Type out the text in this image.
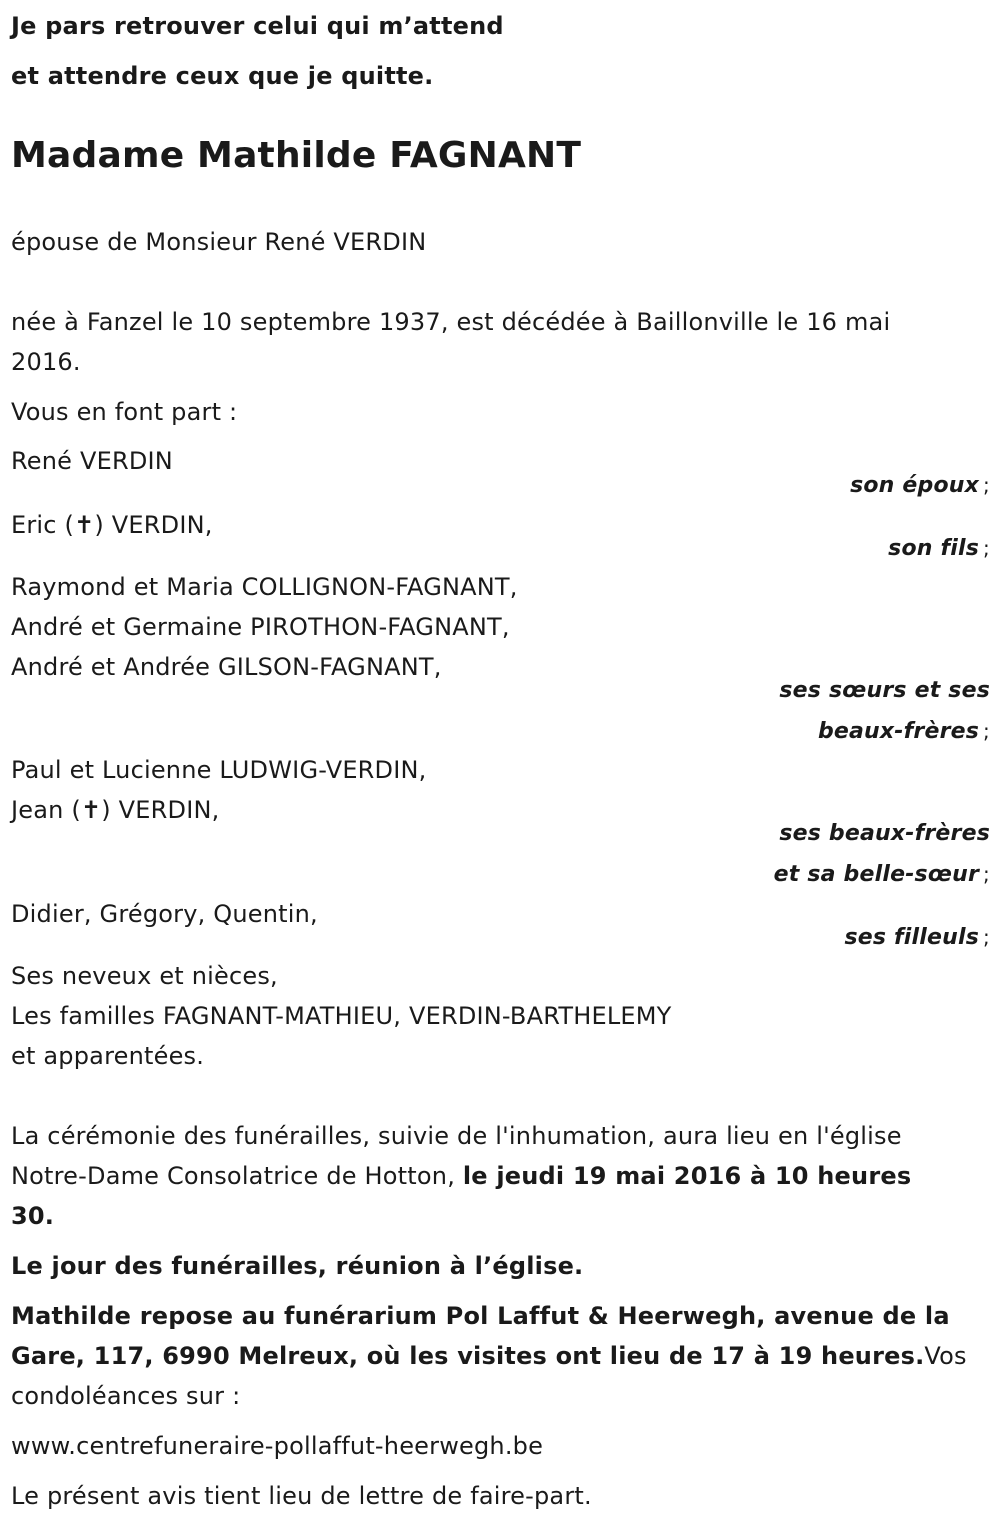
Je pars retrouver celui qui m’attend
et attendre ceux que je quitte.
Madame Mathilde FAGNANT
épouse de Monsieur René VERDIN
née à Fanzel le 10 septembre 1937, est décédée à Baillonville le 16 mai
2016.
Vous en font part :
René VERDIN
son époux ;
Eric (✝) VERDIN,
son fils ;
Raymond et Maria COLLIGNON-FAGNANT,
André et Germaine PIROTHON-FAGNANT,
André et Andrée GILSON-FAGNANT,
ses sœurs et ses
beaux-frères ;
Paul et Lucienne LUDWIG-VERDIN,
Jean (✝) VERDIN,
ses beaux-frères
et sa belle-sœur ;
Didier, Grégory, Quentin,
ses filleuls ;
Ses neveux et nièces,
Les familles FAGNANT-MATHIEU, VERDIN-BARTHELEMY
et apparentées.
La cérémonie des funérailles, suivie de l'inhumation, aura lieu en l'église
Notre-Dame Consolatrice de Hotton, le jeudi 19 mai 2016 à 10 heures
30.
Le jour des funérailles, réunion à l’église.
Mathilde repose au funérarium Pol Laffut & Heerwegh, avenue de la
Gare, 117, 6990 Melreux, où les visites ont lieu de 17 à 19 heures.Vos
condoléances sur :
www.centrefuneraire-pollaffut-heerwegh.be
Le présent avis tient lieu de lettre de faire-part.
